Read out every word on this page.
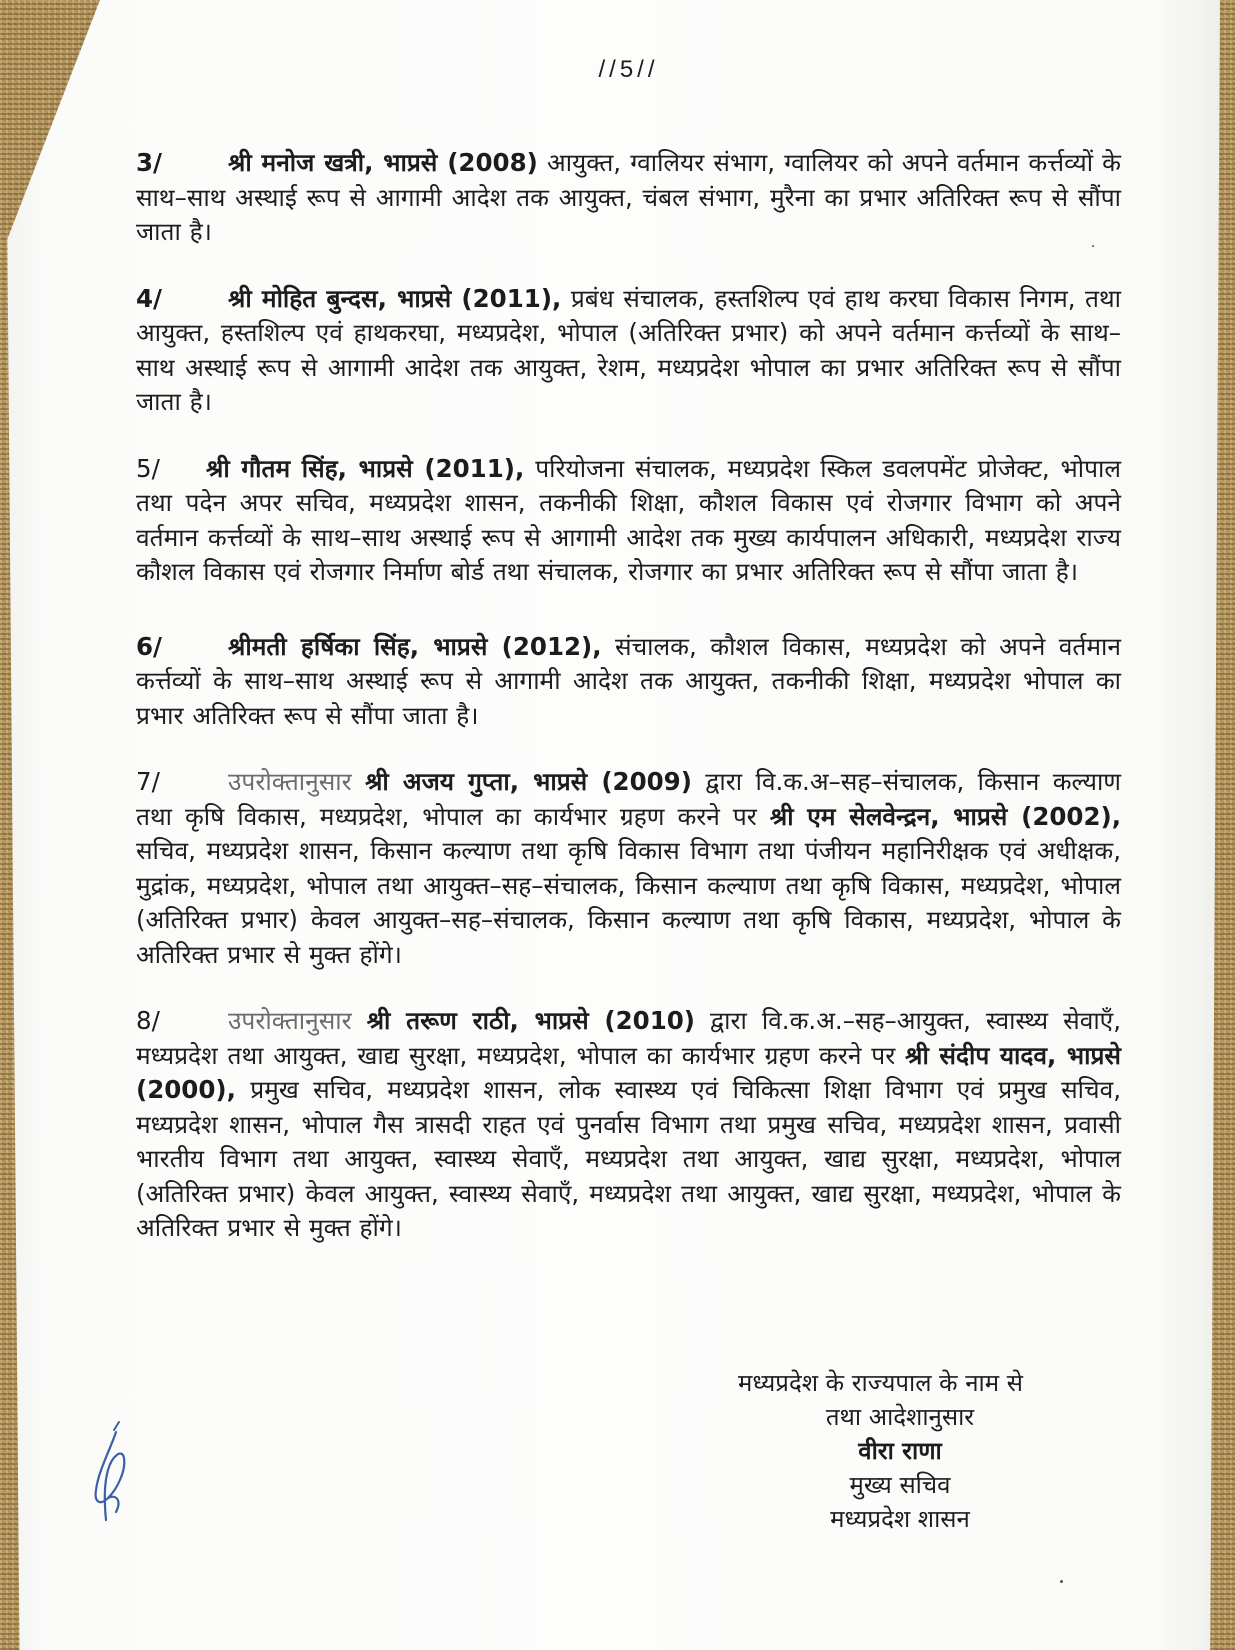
//5//

3/	श्री मनोज खत्री, भाप्रसे (2008) आयुक्त, ग्वालियर संभाग, ग्वालियर को अपने वर्तमान कर्त्तव्यों के साथ–साथ अस्थाई रूप से आगामी आदेश तक आयुक्त, चंबल संभाग, मुरैना का प्रभार अतिरिक्त रूप से सौंपा जाता है।

4/	श्री मोहित बुन्दस, भाप्रसे (2011), प्रबंध संचालक, हस्तशिल्प एवं हाथ करघा विकास निगम, तथा आयुक्त, हस्तशिल्प एवं हाथकरघा, मध्यप्रदेश, भोपाल (अतिरिक्त प्रभार) को अपने वर्तमान कर्त्तव्यों के साथ–साथ अस्थाई रूप से आगामी आदेश तक आयुक्त, रेशम, मध्यप्रदेश भोपाल का प्रभार अतिरिक्त रूप से सौंपा जाता है।

5/ श्री गौतम सिंह, भाप्रसे (2011), परियोजना संचालक, मध्यप्रदेश स्किल डवलपमेंट प्रोजेक्ट, भोपाल तथा पदेन अपर सचिव, मध्यप्रदेश शासन, तकनीकी शिक्षा, कौशल विकास एवं रोजगार विभाग को अपने वर्तमान कर्त्तव्यों के साथ–साथ अस्थाई रूप से आगामी आदेश तक मुख्य कार्यपालन अधिकारी, मध्यप्रदेश राज्य कौशल विकास एवं रोजगार निर्माण बोर्ड तथा संचालक, रोजगार का प्रभार अतिरिक्त रूप से सौंपा जाता है।

6/	श्रीमती हर्षिका सिंह, भाप्रसे (2012), संचालक, कौशल विकास, मध्यप्रदेश को अपने वर्तमान कर्त्तव्यों के साथ–साथ अस्थाई रूप से आगामी आदेश तक आयुक्त, तकनीकी शिक्षा, मध्यप्रदेश भोपाल का प्रभार अतिरिक्त रूप से सौंपा जाता है।

7/	उपरोक्तानुसार श्री अजय गुप्ता, भाप्रसे (2009) द्वारा वि.क.अ–सह–संचालक, किसान कल्याण तथा कृषि विकास, मध्यप्रदेश, भोपाल का कार्यभार ग्रहण करने पर श्री एम सेलवेन्द्रन, भाप्रसे (2002), सचिव, मध्यप्रदेश शासन, किसान कल्याण तथा कृषि विकास विभाग तथा पंजीयन महानिरीक्षक एवं अधीक्षक, मुद्रांक, मध्यप्रदेश, भोपाल तथा आयुक्त–सह–संचालक, किसान कल्याण तथा कृषि विकास, मध्यप्रदेश, भोपाल (अतिरिक्त प्रभार) केवल आयुक्त–सह–संचालक, किसान कल्याण तथा कृषि विकास, मध्यप्रदेश, भोपाल के अतिरिक्त प्रभार से मुक्त होंगे।

8/	उपरोक्तानुसार श्री तरूण राठी, भाप्रसे (2010) द्वारा वि.क.अ.–सह–आयुक्त, स्वास्थ्य सेवाएँ, मध्यप्रदेश तथा आयुक्त, खाद्य सुरक्षा, मध्यप्रदेश, भोपाल का कार्यभार ग्रहण करने पर श्री संदीप यादव, भाप्रसे (2000), प्रमुख सचिव, मध्यप्रदेश शासन, लोक स्वास्थ्य एवं चिकित्सा शिक्षा विभाग एवं प्रमुख सचिव, मध्यप्रदेश शासन, भोपाल गैस त्रासदी राहत एवं पुनर्वास विभाग तथा प्रमुख सचिव, मध्यप्रदेश शासन, प्रवासी भारतीय विभाग तथा आयुक्त, स्वास्थ्य सेवाएँ, मध्यप्रदेश तथा आयुक्त, खाद्य सुरक्षा, मध्यप्रदेश, भोपाल (अतिरिक्त प्रभार) केवल आयुक्त, स्वास्थ्य सेवाएँ, मध्यप्रदेश तथा आयुक्त, खाद्य सुरक्षा, मध्यप्रदेश, भोपाल के अतिरिक्त प्रभार से मुक्त होंगे।

मध्यप्रदेश के राज्यपाल के नाम से
तथा आदेशानुसार
वीरा राणा
मुख्य सचिव
मध्यप्रदेश शासन
